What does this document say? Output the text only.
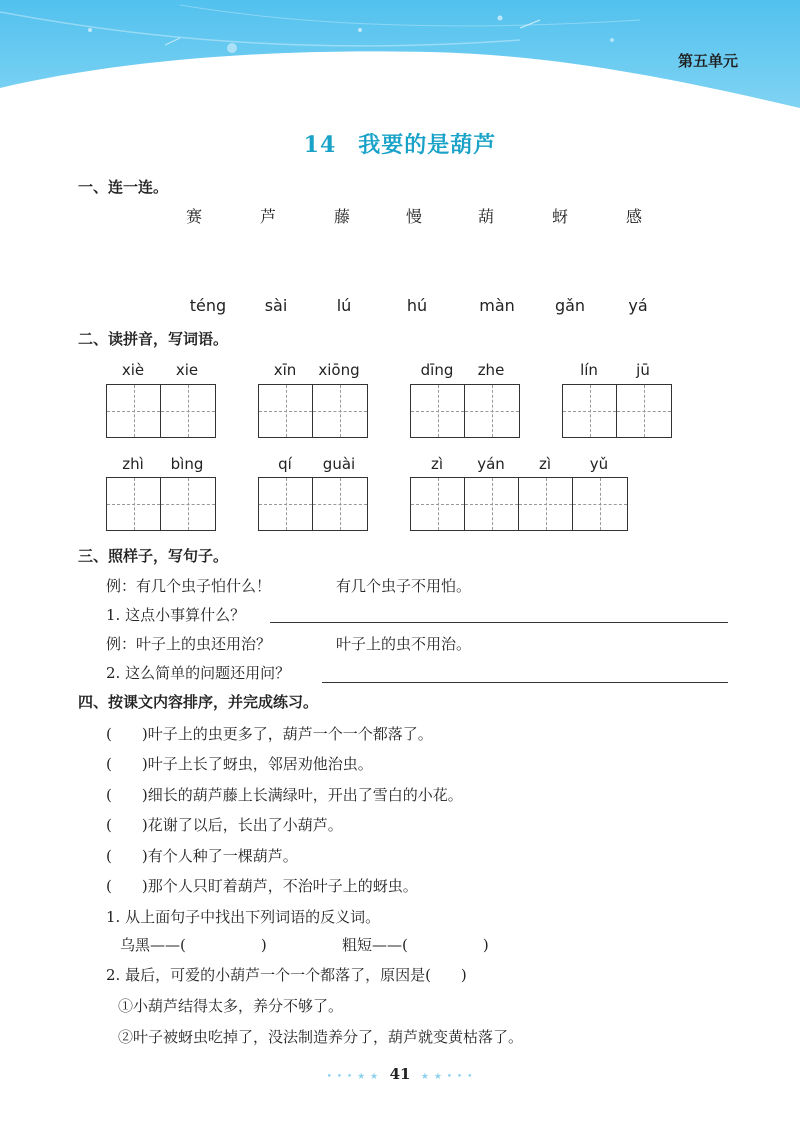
第五单元
14 我要的是葫芦
一、连一连。
赛	芦	藤	慢	葫	蚜	感
téng	sài	lú	hú	màn	gǎn	yá
二、读拼音，写词语。
xiè	xie	xīn	xiōng	dīng	zhe	lín	jū
zhì	bìng	qí	guài	zì	yán	zì	yǔ
三、照样子，写句子。
例：有几个虫子怕什么！	有几个虫子不用怕。
1. 这点小事算什么？
例：叶子上的虫还用治？	叶子上的虫不用治。
2. 这么简单的问题还用问？
四、按课文内容排序，并完成练习。
(　　)叶子上的虫更多了，葫芦一个一个都落了。
(　　)叶子上长了蚜虫，邻居劝他治虫。
(　　)细长的葫芦藤上长满绿叶，开出了雪白的小花。
(　　)花谢了以后，长出了小葫芦。
(　　)有个人种了一棵葫芦。
(　　)那个人只盯着葫芦，不治叶子上的蚜虫。
1. 从上面句子中找出下列词语的反义词。
乌黑——(　　　　　)	粗短——(　　　　　)
2. 最后，可爱的小葫芦一个一个都落了，原因是(　　)
①小葫芦结得太多，养分不够了。
②叶子被蚜虫吃掉了，没法制造养分了，葫芦就变黄枯落了。
• • • ★ ★ 41 ★ ★ • • •
